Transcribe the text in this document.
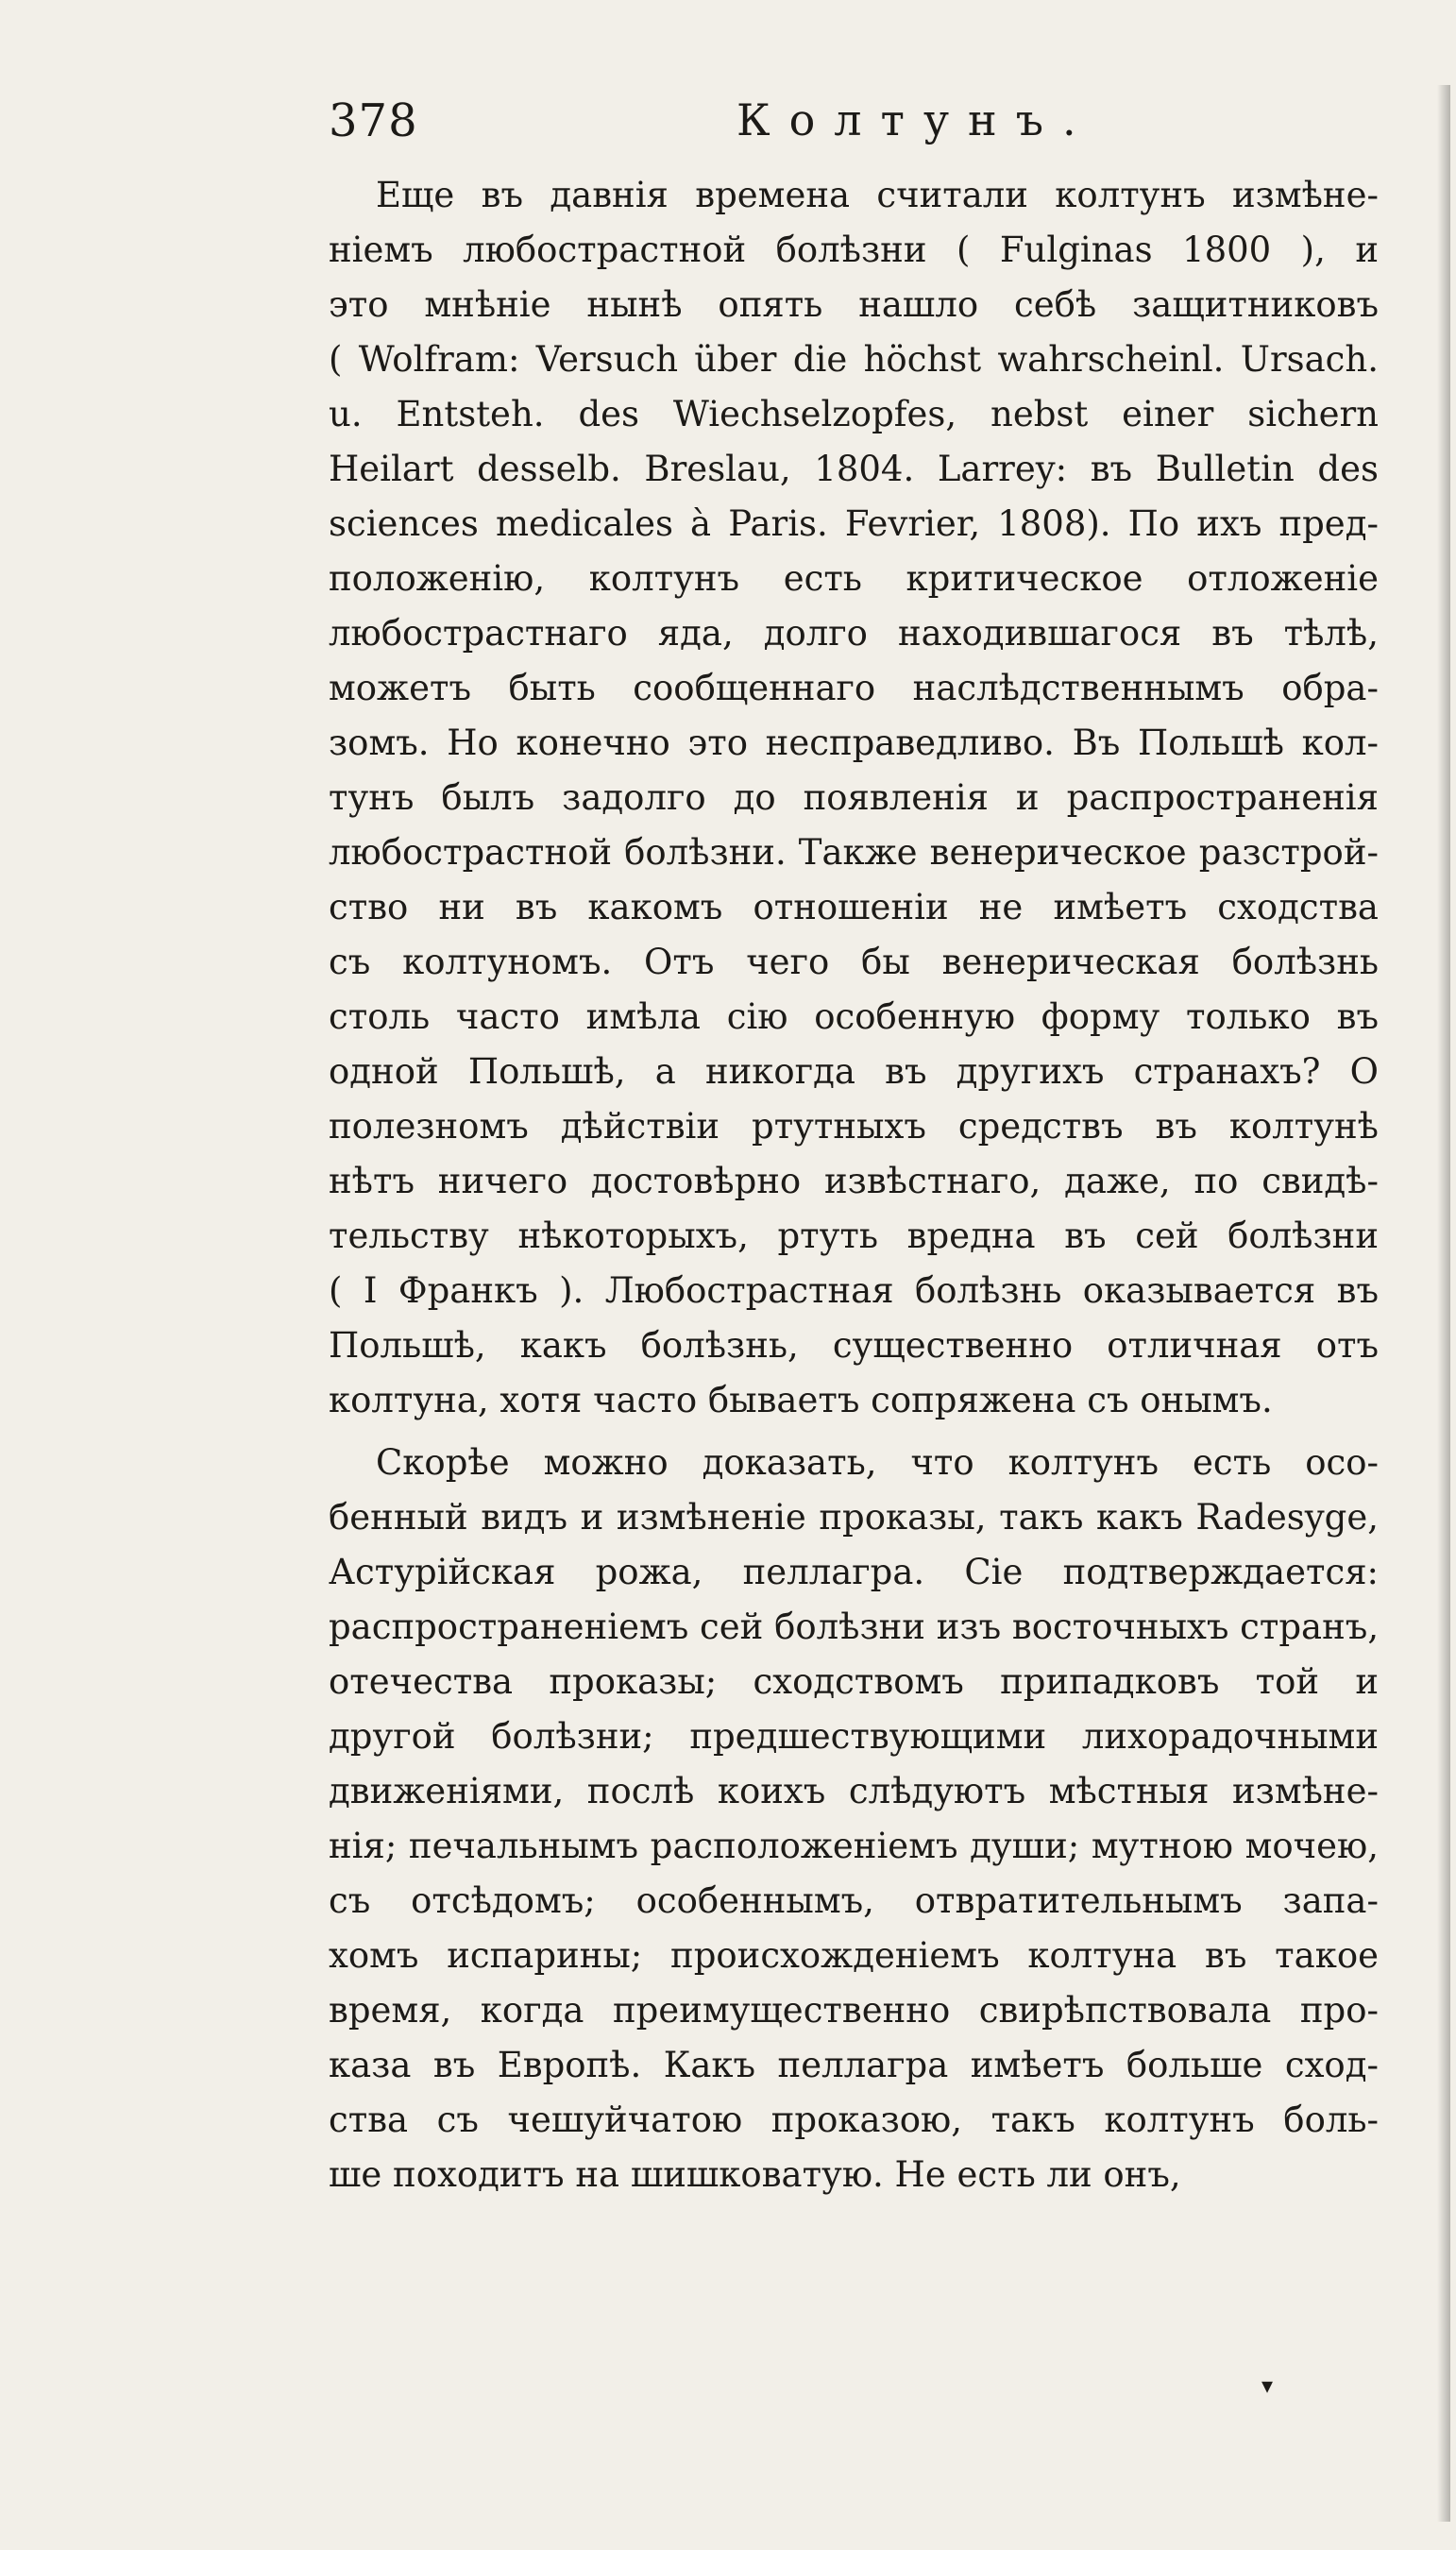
378	Колтунъ.
Еще въ давнія времена считали колтунъ измѣне-
ніемъ любострастной болѣзни ( Fulginas 1800 ), и
это мнѣніе нынѣ опять нашло себѣ защитниковъ
( Wolfram: Versuch über die höchst wahrscheinl. Ursach.
u. Entsteh. des Wiechselzopfes, nebst einer sichern
Heilart desselb. Breslau, 1804. Larrey: въ Bulletin des
sciences medicales à Paris. Fevrier, 1808). По ихъ пред-
положенію, колтунъ есть критическое отложеніе
любострастнаго яда, долго находившагося въ тѣлѣ,
можетъ быть сообщеннаго наслѣдственнымъ обра-
зомъ. Но конечно это несправедливо. Въ Польшѣ кол-
тунъ былъ задолго до появленія и распространенія
любострастной болѣзни. Также венерическое разстрой-
ство ни въ какомъ отношеніи не имѣетъ сходства
съ колтуномъ. Отъ чего бы венерическая болѣзнь
столь часто имѣла сію особенную форму только въ
одной Польшѣ, а никогда въ другихъ странахъ? О
полезномъ дѣйствіи ртутныхъ средствъ въ колтунѣ
нѣтъ ничего достовѣрно извѣстнаго, даже, по свидѣ-
тельству нѣкоторыхъ, ртуть вредна въ сей болѣзни
( I Франкъ ). Любострастная болѣзнь оказывается въ
Польшѣ, какъ болѣзнь, существенно отличная отъ
колтуна, хотя часто бываетъ сопряжена съ онымъ.
Скорѣе можно доказать, что колтунъ есть осо-
бенный видъ и измѣненіе проказы, такъ какъ Radesyge,
Астурійская рожа, пеллагра. Сіе подтверждается:
распространеніемъ сей болѣзни изъ восточныхъ странъ,
отечества проказы; сходствомъ припадковъ той и
другой болѣзни; предшествующими лихорадочными
движеніями, послѣ коихъ слѣдуютъ мѣстныя измѣне-
нія; печальнымъ расположеніемъ души; мутною мочею,
съ отсѣдомъ; особеннымъ, отвратительнымъ запа-
хомъ испарины; происхожденіемъ колтуна въ такое
время, когда преимущественно свирѣпствовала про-
каза въ Европѣ. Какъ пеллагра имѣетъ больше сход-
ства съ чешуйчатою проказою, такъ колтунъ боль-
ше походитъ на шишковатую. Не есть ли онъ,
▾
